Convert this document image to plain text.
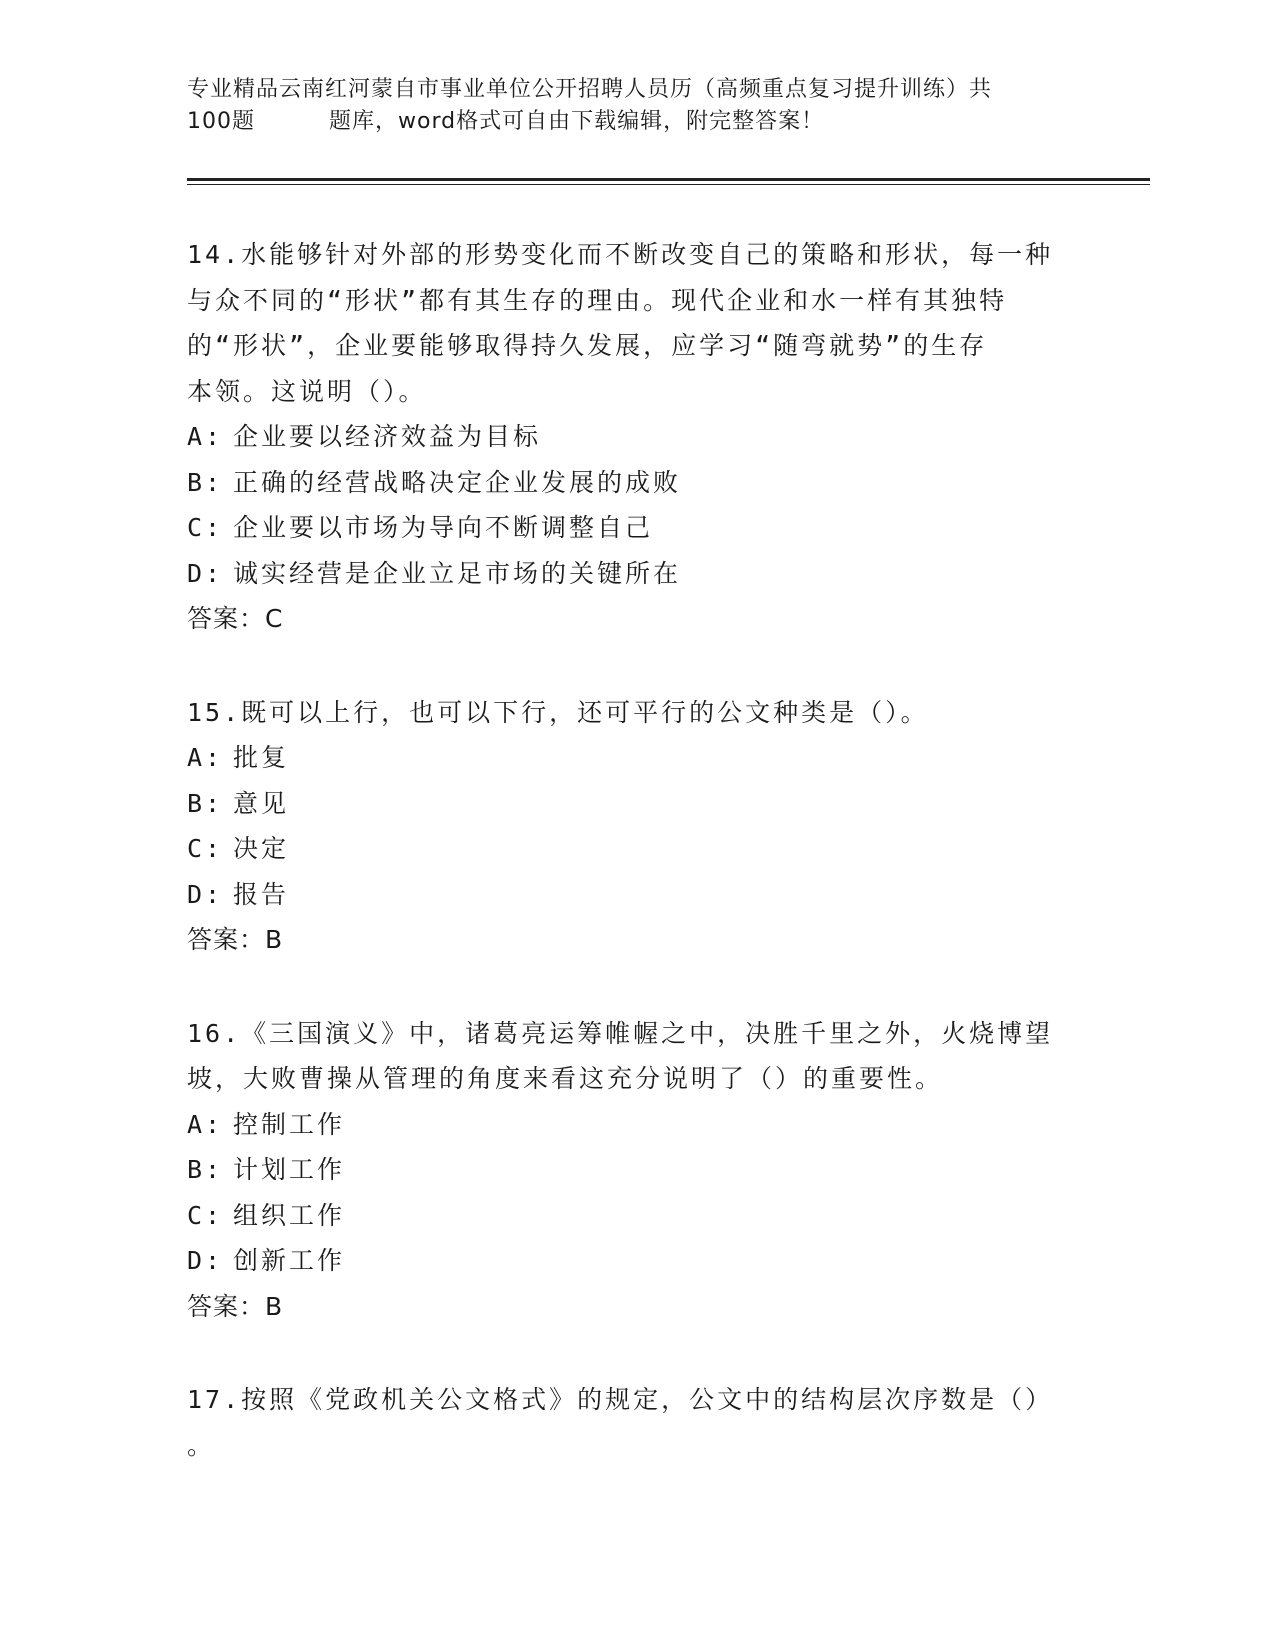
专业精品云南红河蒙自市事业单位公开招聘人员历（高频重点复习提升训练）共
100题	题库，word格式可自由下载编辑，附完整答案！

14.水能够针对外部的形势变化而不断改变自己的策略和形状，每一种

与众不同的“形状”都有其生存的理由。现代企业和水一样有其独特

的“形状”，企业要能够取得持久发展，应学习“随弯就势”的生存

本领。这说明（）。

A: 企业要以经济效益为目标

B: 正确的经营战略决定企业发展的成败

C: 企业要以市场为导向不断调整自己

D: 诚实经营是企业立足市场的关键所在

答案：C

15.既可以上行，也可以下行，还可平行的公文种类是（）。

A: 批复

B: 意见

C: 决定

D: 报告

答案：B

16.《三国演义》中，诸葛亮运筹帷幄之中，决胜千里之外，火烧博望

坡，大败曹操从管理的角度来看这充分说明了（）的重要性。

A: 控制工作

B: 计划工作

C: 组织工作

D: 创新工作

答案：B

17.按照《党政机关公文格式》的规定，公文中的结构层次序数是（）

。
